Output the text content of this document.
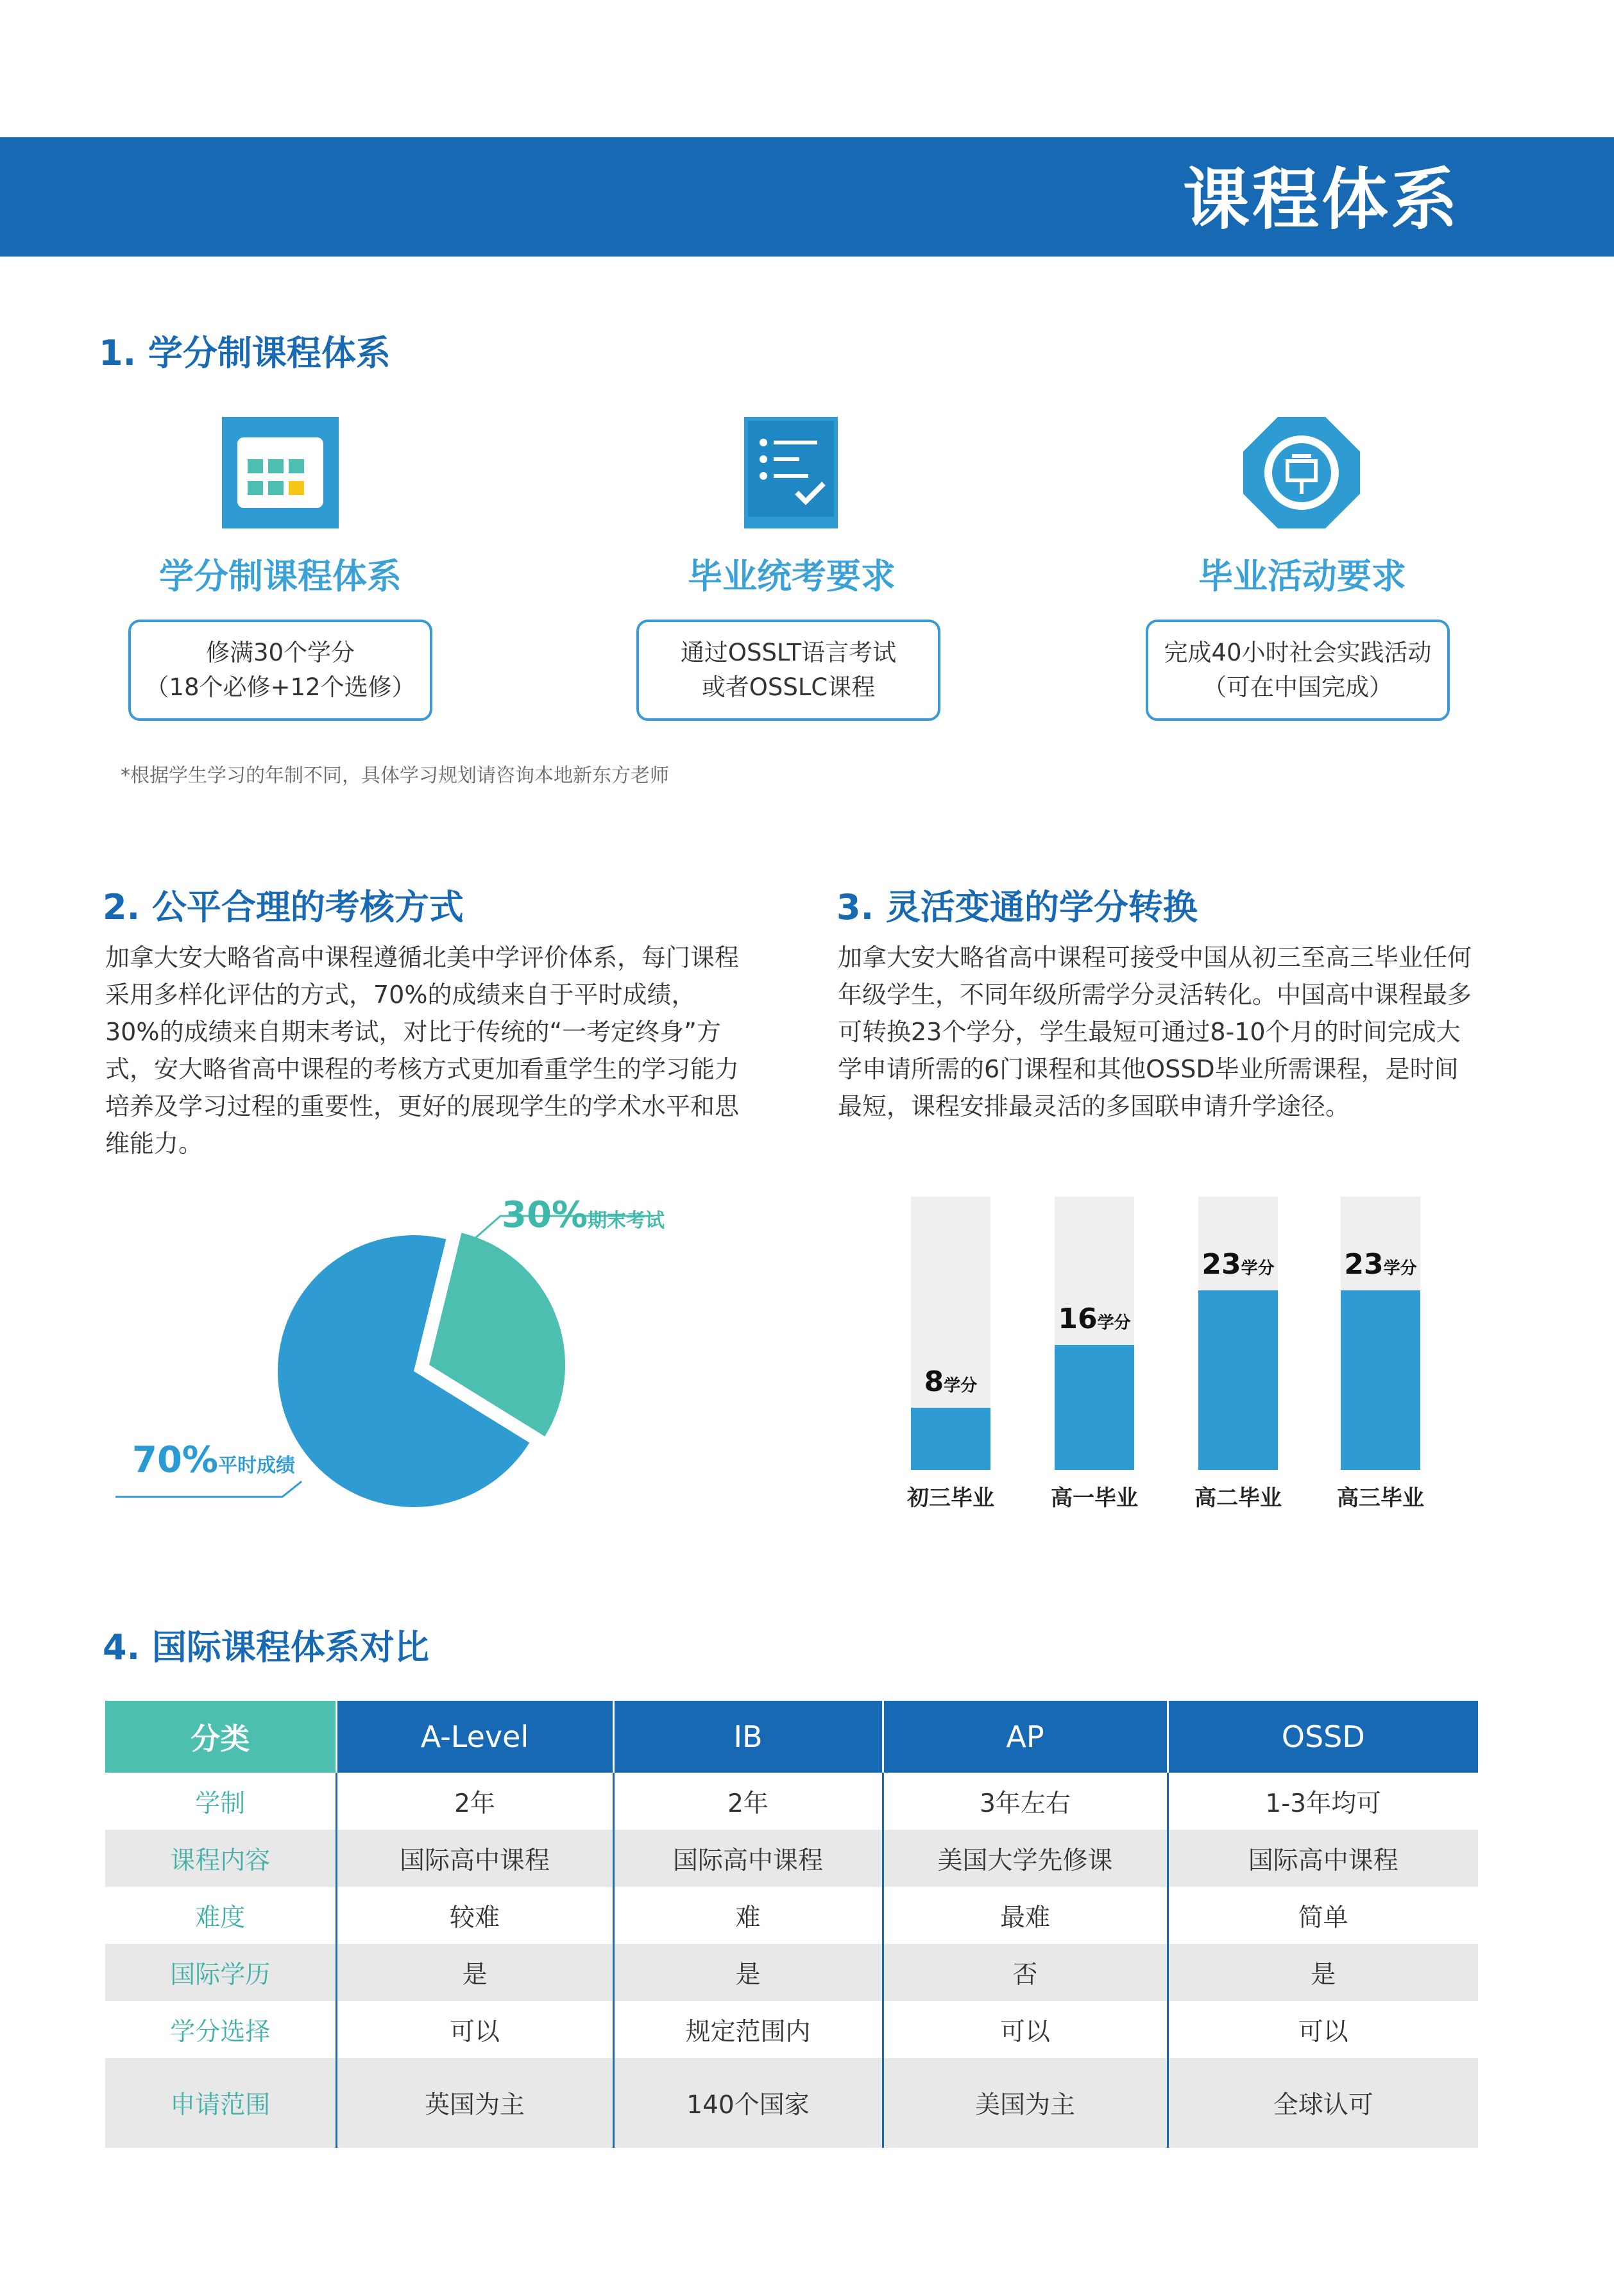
课程体系
1. 学分制课程体系
学分制课程体系
修满30个学分
（18个必修+12个选修）
毕业统考要求
通过OSSLT语言考试
或者OSSLC课程
毕业活动要求
完成40小时社会实践活动
（可在中国完成）
*根据学生学习的年制不同，具体学习规划请咨询本地新东方老师
2. 公平合理的考核方式
加拿大安大略省高中课程遵循北美中学评价体系，每门课程
采用多样化评估的方式，70%的成绩来自于平时成绩，
30%的成绩来自期末考试，对比于传统的“一考定终身”方
式，安大略省高中课程的考核方式更加看重学生的学习能力
培养及学习过程的重要性，更好的展现学生的学术水平和思
维能力。
3. 灵活变通的学分转换
加拿大安大略省高中课程可接受中国从初三至高三毕业任何
年级学生，不同年级所需学分灵活转化。中国高中课程最多
可转换23个学分，学生最短可通过8-10个月的时间完成大
学申请所需的6门课程和其他OSSD毕业所需课程，是时间
最短，课程安排最灵活的多国联申请升学途径。
30%期末考试
70%平时成绩
8学分
初三毕业
16学分
高一毕业
23学分
高二毕业
23学分
高三毕业
4. 国际课程体系对比
分类	A-Level	IB	AP	OSSD
学制	2年	2年	3年左右	1-3年均可
课程内容	国际高中课程	国际高中课程	美国大学先修课	国际高中课程
难度	较难	难	最难	简单
国际学历	是	是	否	是
学分选择	可以	规定范围内	可以	可以
申请范围	英国为主	140个国家	美国为主	全球认可
